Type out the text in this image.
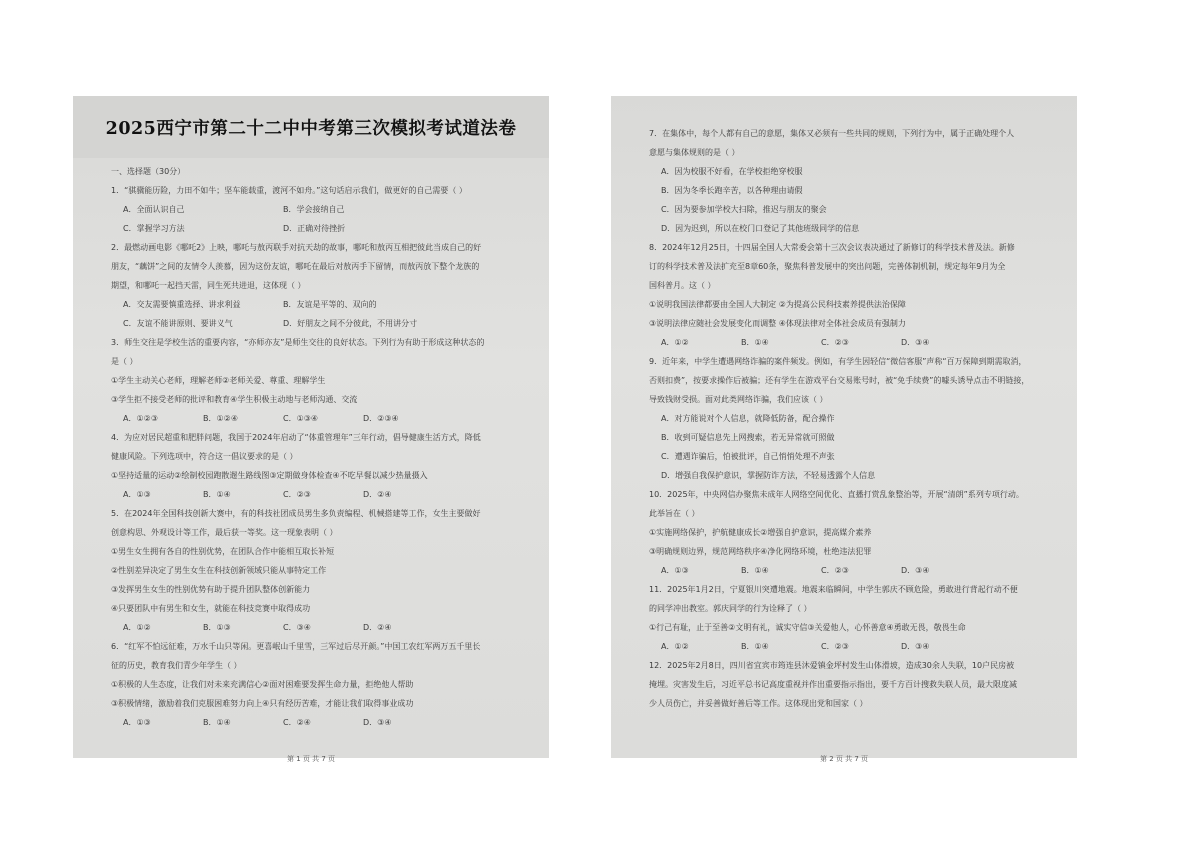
2025西宁市第二十二中中考第三次模拟考试道法卷
一、选择题（30分）
1．“骐骥能历险，力田不如牛；坚车能载重，渡河不如舟。”这句话启示我们，做更好的自己需要（ ）
A．全面认识自己	B．学会接纳自己
C．掌握学习方法	D．正确对待挫折
2．最燃动画电影《哪吒2》上映，哪吒与敖丙联手对抗天劫的故事，哪吒和敖丙互相把彼此当成自己的好
朋友，“藕饼”之间的友情令人羡慕，因为这份友谊，哪吒在最后对敖丙手下留情，而敖丙放下整个龙族的
期望，和哪吒一起挡天雷，同生死共进退，这体现（ ）
A．交友需要慎重选择、讲求利益	B．友谊是平等的、双向的
C．友谊不能讲原则、要讲义气	D．好朋友之间不分彼此，不用讲分寸
3．师生交往是学校生活的重要内容，“亦师亦友”是师生交往的良好状态。下列行为有助于形成这种状态的
是（ ）
①学生主动关心老师，理解老师②老师关爱、尊重、理解学生
③学生拒不接受老师的批评和教育④学生积极主动地与老师沟通、交流
A．①②③	B．①②④	C．①③④	D．②③④
4．为应对居民超重和肥胖问题，我国于2024年启动了“体重管理年”三年行动，倡导健康生活方式，降低
健康风险。下列选项中，符合这一倡议要求的是（ ）
①坚持适量的运动②绘制校园跑散遛生路线图③定期做身体检查④不吃早餐以减少热量摄入
A．①③	B．①④	C．②③	D．②④
5．在2024年全国科技创新大赛中，有的科技社团成员男生多负责编程、机械搭建等工作，女生主要做好
创意构思、外观设计等工作，最后获一等奖。这一现象表明（ ）
①男生女生拥有各自的性别优势，在团队合作中能相互取长补短
②性别差异决定了男生女生在科技创新领域只能从事特定工作
③发挥男生女生的性别优势有助于提升团队整体创新能力
④只要团队中有男生和女生，就能在科技竞赛中取得成功
A．①②	B．①③	C．③④	D．②④
6．“红军不怕远征难，万水千山只等闲。更喜岷山千里雪，三军过后尽开颜。”中国工农红军两万五千里长
征的历史，教育我们青少年学生（ ）
①积极的人生态度，让我们对未来充满信心②面对困难要发挥生命力量，拒绝他人帮助
③积极情绪，激励着我们克服困难努力向上④只有经历苦难，才能让我们取得事业成功
A．①③	B．①④	C．②④	D．③④
第 1 页 共 7 页
7．在集体中，每个人都有自己的意愿，集体又必须有一些共同的规则，下列行为中，属于正确处理个人
意愿与集体规则的是（ ）
A．因为校服不好看，在学校拒绝穿校服
B．因为冬季长跑辛苦，以各种理由请假
C．因为要参加学校大扫除，推迟与朋友的聚会
D．因为迟到，所以在校门口登记了其他班级同学的信息
8．2024年12月25日，十四届全国人大常委会第十三次会议表决通过了新修订的科学技术普及法。新修
订的科学技术普及法扩充至8章60条，聚焦科普发展中的突出问题，完善体制机制，规定每年9月为全
国科普月。这（ ）
①说明我国法律都要由全国人大制定 ②为提高公民科技素养提供法治保障
③说明法律应随社会发展变化而调整 ④体现法律对全体社会成员有强制力
A．①②	B．①④	C．②③	D．③④
9．近年来，中学生遭遇网络诈骗的案件频发。例如，有学生因轻信“微信客服”声称“百万保障到期需取消，
否则扣费”，按要求操作后被骗；还有学生在游戏平台交易账号时，被“免手续费”的噱头诱导点击不明链接，
导致钱财受损。面对此类网络诈骗，我们应该（ ）
A．对方能说对个人信息，就降低防备，配合操作
B．收到可疑信息先上网搜索，若无异常就可照做
C．遭遇诈骗后，怕被批评，自己悄悄处理不声张
D．增强自我保护意识，掌握防诈方法，不轻易透露个人信息
10．2025年，中央网信办聚焦未成年人网络空间优化、直播打赏乱象整治等，开展“清朗”系列专项行动。
此举旨在（ ）
①实施网络保护，护航健康成长②增强自护意识，提高媒介素养
③明确规则边界，规范网络秩序④净化网络环境，杜绝违法犯罪
A．①③	B．①④	C．②③	D．③④
11．2025年1月2日，宁夏银川突遭地震。地震来临瞬间，中学生郭庆不顾危险，勇敢进行背起行动不便
的同学冲出教室。郭庆同学的行为诠释了（ ）
①行己有耻，止于至善②文明有礼，诚实守信③关爱他人，心怀善意④勇敢无畏，敬畏生命
A．①②	B．①④	C．②③	D．③④
12．2025年2月8日，四川省宜宾市筠连县沐爱镇金坪村发生山体滑坡，造成30余人失联，10户民房被
掩埋。灾害发生后，习近平总书记高度重视并作出重要指示指出，要千方百计搜救失联人员，最大限度减
少人员伤亡，并妥善做好善后等工作。这体现出党和国家（ ）
第 2 页 共 7 页
